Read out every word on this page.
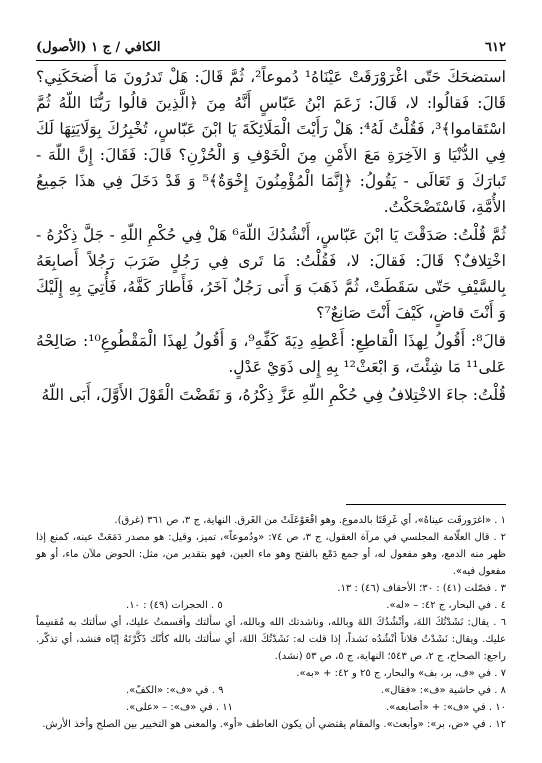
٦١٢
الكافي / ج ١ (الأصول)

استضحَكَ حَتّى اغْرَوْرَقَتْ عَيْنَاهُ¹ دُموعاً²، ثُمَّ قَالَ: هَلْ تَدرُونَ مَا أَضحَكَنِي؟ قَالَ: فَقالُوا: لا، قَالَ: زَعَمَ ابْنُ عَبّاسٍ أَنَّهُ مِنَ ﴿الَّذِينَ قالُوا رَبُّنَا اللّهُ ثُمَّ اسْتَقاموا﴾³، فَقُلْتُ لَهُ⁴: هَلْ رَأَيْتَ الْمَلَائِكَةَ يَا ابْنَ عَبّاسٍ، تُخْبِرُكَ بِوَلَايَتِهَا لَكَ فِي الدُّنْيَا وَ الآخِرَةِ مَعَ الأَمْنِ مِنَ الْخَوْفِ وَ الْحُزْنِ؟ قَالَ: فَقَالَ: إِنَّ اللّهَ - تَبارَكَ وَ تَعَالَى - يَقُولُ: ﴿إِنَّمَا الْمُؤْمِنُونَ إِخْوَةٌ﴾⁵ وَ قَدْ دَخَلَ فِي هذَا جَمِيعُ الأُمَّةِ، فَاسْتَضْحَكْتُ.

ثُمَّ قُلْتُ: صَدَقْتَ يَا ابْنَ عَبّاسٍ، أَنْشُدُكَ اللّهَ⁶ هَلْ فِي حُكْمِ اللّهِ - جَلَّ ذِكْرُهُ - اخْتِلافٌ؟ قَالَ: فَقالَ: لا، فَقُلْتُ: مَا تَرى فِي رَجُلٍ ضَرَبَ رَجُلاً أَصابِعَهُ بِالسَّيْفِ حَتّى سَقَطَتْ، ثُمَّ ذَهَبَ وَ أَتى رَجُلٌ آخَرُ، فَأَطارَ كَفَّهُ، فَأُتِيَ بِهِ إِلَيْكَ وَ أَنْتَ قاضٍ، كَيْفَ أَنْتَ صَانِعٌ⁷؟

قالَ⁸: أَقُولُ لِهذَا الْقاطِعِ: أَعْطِهِ دِيَةَ كَفِّهِ⁹، وَ أَقُولُ لِهذَا الْمَقْطُوعِ¹⁰: صَالِحْهُ عَلى¹¹ مَا شِئْتَ، وَ ابْعَثْ¹² بِهِ إِلى ذَوَيْ عَدْلٍ.

قُلْتُ: جاءَ الاخْتِلافُ فِي حُكْمِ اللّهِ عَزَّ ذِكْرُهُ، وَ نَقَضْتَ الْقَوْلَ الأَوَّلَ، أَبَى اللّهُ

١ . «اغرَورقَت عيناهُ»، أي غَرِقَتَا بالدموع. وهو افْعَوْعَلَتْ من الغَرق. النهاية، ج ٣، ص ٣٦١ (غرق).

٢ . قال العلّامة المجلسي في مرآة العقول، ج ٣، ص ٧٤: «ودُموعاً»، تميز، وقيل: هو مصدر دَمَعَتْ عينه، كمنع إذا ظهر منه الدمع، وهو مفعول له، أو جمع دَمْع بالفتح وهو ماء العين، فهو بتقدير من، مثل: الحوض ملآن ماء، أو هو مفعول فيه».

٣ . فصّلت (٤١) : ٣٠؛ الأحقاف (٤٦) : ١٣.

٤ . في البحار، ج ٤٢: – «له».
٥ . الحجرات (٤٩) : ١٠.

٦ . يقال: نَشَدْتُكَ اللهَ، وأنْشُدُكَ اللهَ وبالله، وناشدتك الله وبالله، أي سألتك وأقسمتُ عليك، أي سألتك به مُقسِماً عليك. ويقال: نَشَدْتُ فلاناً أنْشُدُه نَشداً، إذا قلت له: نَشَدْتُكَ اللهَ، أي سألتك بالله كأنّك ذَكَّرْتَهُ إيّاه فنشد، أي تذكّر. راجع: الصحاح، ج ٢، ص ٥٤٣؛ النهاية، ج ٥، ص ٥٣ (نشد).

٧ . في «ف، بر، بف» والبحار، ج ٢٥ و ٤٢: + «به».

٨ . في حاشية «ف»: «فقال».
٩ . في «ف»: «الكفّ».
١٠ . في «ف»: + «أصابعه».
١١ . في «ف»: – «على».

١٢ . في «ض، بر»: «وأبعث». والمقام يقتضي أن يكون العاطف «أو». والمعنى هو التخيير بين الصلح وأخذ الأرش.
